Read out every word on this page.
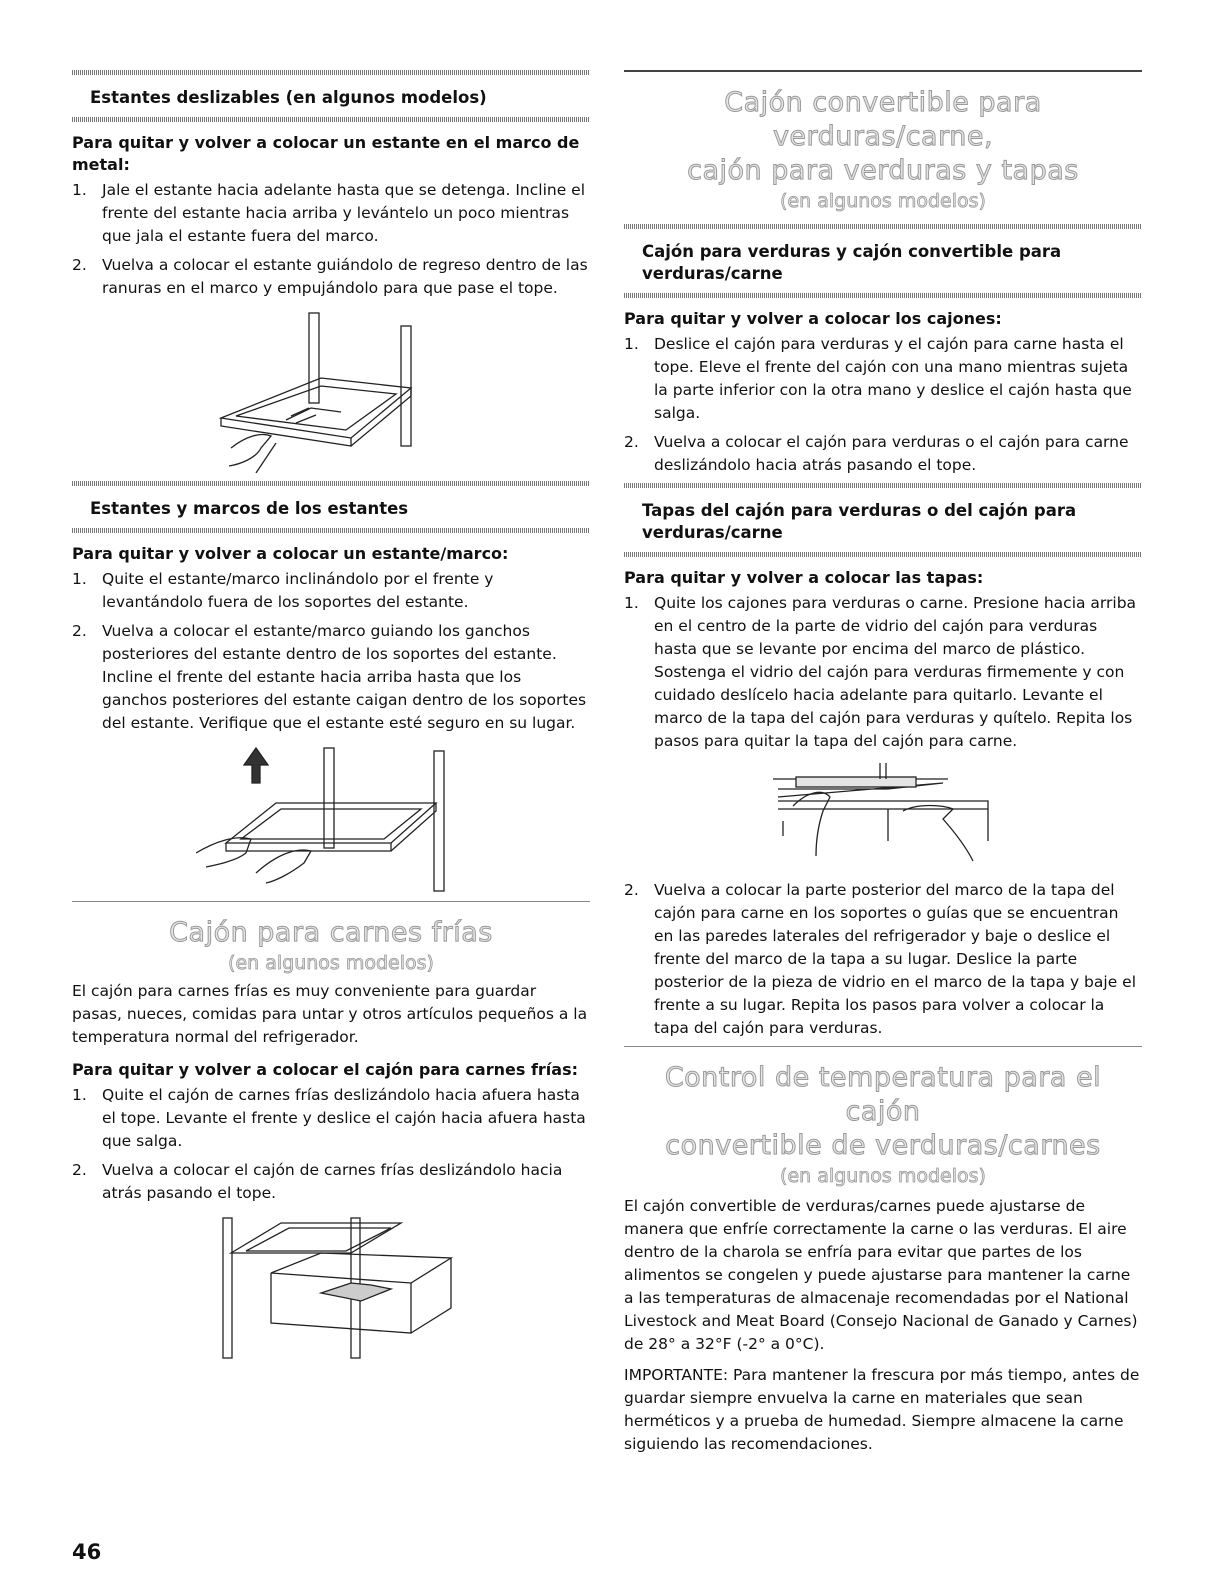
Estantes deslizables (en algunos modelos)
Para quitar y volver a colocar un estante en el marco de metal:
1. Jale el estante hacia adelante hasta que se detenga. Incline el frente del estante hacia arriba y levántelo un poco mientras que jala el estante fuera del marco.
2. Vuelva a colocar el estante guiándolo de regreso dentro de las ranuras en el marco y empujándolo para que pase el tope.
Estantes y marcos de los estantes
Para quitar y volver a colocar un estante/marco:
1. Quite el estante/marco inclinándolo por el frente y levantándolo fuera de los soportes del estante.
2. Vuelva a colocar el estante/marco guiando los ganchos posteriores del estante dentro de los soportes del estante. Incline el frente del estante hacia arriba hasta que los ganchos posteriores del estante caigan dentro de los soportes del estante. Verifique que el estante esté seguro en su lugar.
Cajón para carnes frías
(en algunos modelos)

El cajón para carnes frías es muy conveniente para guardar pasas, nueces, comidas para untar y otros artículos pequeños a la temperatura normal del refrigerador.

Para quitar y volver a colocar el cajón para carnes frías:
1. Quite el cajón de carnes frías deslizándolo hacia afuera hasta el tope. Levante el frente y deslice el cajón hacia afuera hasta que salga.
2. Vuelva a colocar el cajón de carnes frías deslizándolo hacia atrás pasando el tope.
Cajón convertible para verduras/carne,
cajón para verduras y tapas
(en algunos modelos)
Cajón para verduras y cajón convertible para verduras/carne
Para quitar y volver a colocar los cajones:
1. Deslice el cajón para verduras y el cajón para carne hasta el tope. Eleve el frente del cajón con una mano mientras sujeta la parte inferior con la otra mano y deslice el cajón hasta que salga.
2. Vuelva a colocar el cajón para verduras o el cajón para carne deslizándolo hacia atrás pasando el tope.
Tapas del cajón para verduras o del cajón para verduras/carne
Para quitar y volver a colocar las tapas:
1. Quite los cajones para verduras o carne. Presione hacia arriba en el centro de la parte de vidrio del cajón para verduras hasta que se levante por encima del marco de plástico. Sostenga el vidrio del cajón para verduras firmemente y con cuidado deslícelo hacia adelante para quitarlo. Levante el marco de la tapa del cajón para verduras y quítelo. Repita los pasos para quitar la tapa del cajón para carne.
2. Vuelva a colocar la parte posterior del marco de la tapa del cajón para carne en los soportes o guías que se encuentran en las paredes laterales del refrigerador y baje o deslice el frente del marco de la tapa a su lugar. Deslice la parte posterior de la pieza de vidrio en el marco de la tapa y baje el frente a su lugar. Repita los pasos para volver a colocar la tapa del cajón para verduras.
Control de temperatura para el cajón
convertible de verduras/carnes
(en algunos modelos)

El cajón convertible de verduras/carnes puede ajustarse de manera que enfríe correctamente la carne o las verduras. El aire dentro de la charola se enfría para evitar que partes de los alimentos se congelen y puede ajustarse para mantener la carne a las temperaturas de almacenaje recomendadas por el National Livestock and Meat Board (Consejo Nacional de Ganado y Carnes) de 28° a 32°F (-2° a 0°C).

IMPORTANTE: Para mantener la frescura por más tiempo, antes de guardar siempre envuelva la carne en materiales que sean herméticos y a prueba de humedad. Siempre almacene la carne siguiendo las recomendaciones.

46
